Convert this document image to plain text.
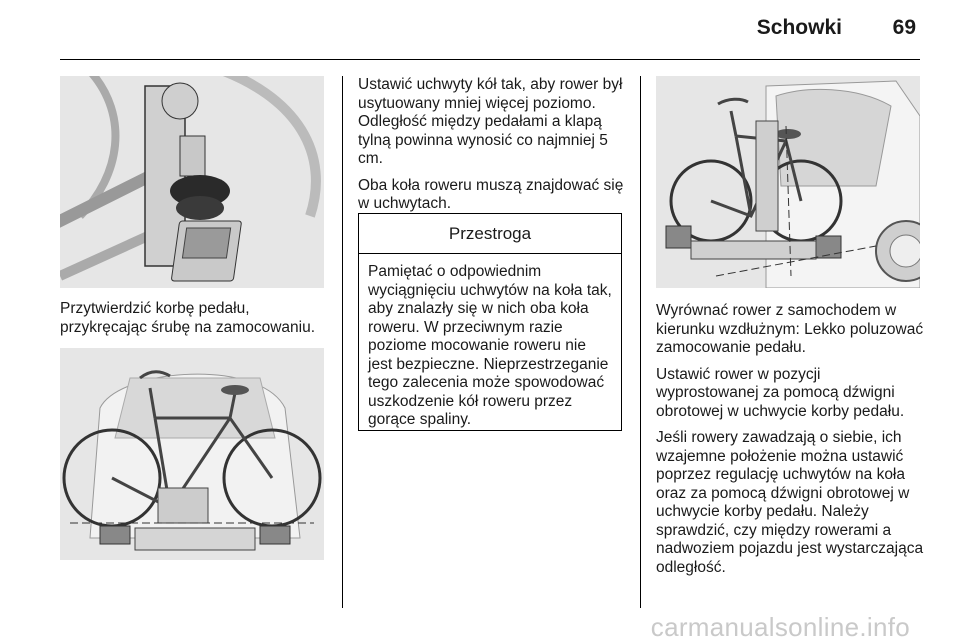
Schowki 69
Przytwierdzić korbę pedału, przykręcając śrubę na zamocowaniu.

Ustawić uchwyty kół tak, aby rower był usytuowany mniej więcej poziomo. Odległość między pedałami a klapą tylną powinna wynosić co najmniej 5 cm.

Oba koła roweru muszą znajdować się w uchwytach.

Przestroga
Pamiętać o odpowiednim wyciągnięciu uchwytów na koła tak, aby znalazły się w nich oba koła roweru. W przeciwnym razie poziome mocowanie roweru nie jest bezpieczne. Nieprzestrzeganie tego zalecenia może spowodować uszkodzenie kół roweru przez gorące spaliny.

Wyrównać rower z samochodem w kierunku wzdłużnym: Lekko poluzować zamocowanie pedału.

Ustawić rower w pozycji wyprostowanej za pomocą dźwigni obrotowej w uchwycie korby pedału.

Jeśli rowery zawadzają o siebie, ich wzajemne położenie można ustawić poprzez regulację uchwytów na koła oraz za pomocą dźwigni obrotowej w uchwycie korby pedału. Należy sprawdzić, czy między rowerami a nadwoziem pojazdu jest wystarczająca odległość.

carmanualsonline.info
